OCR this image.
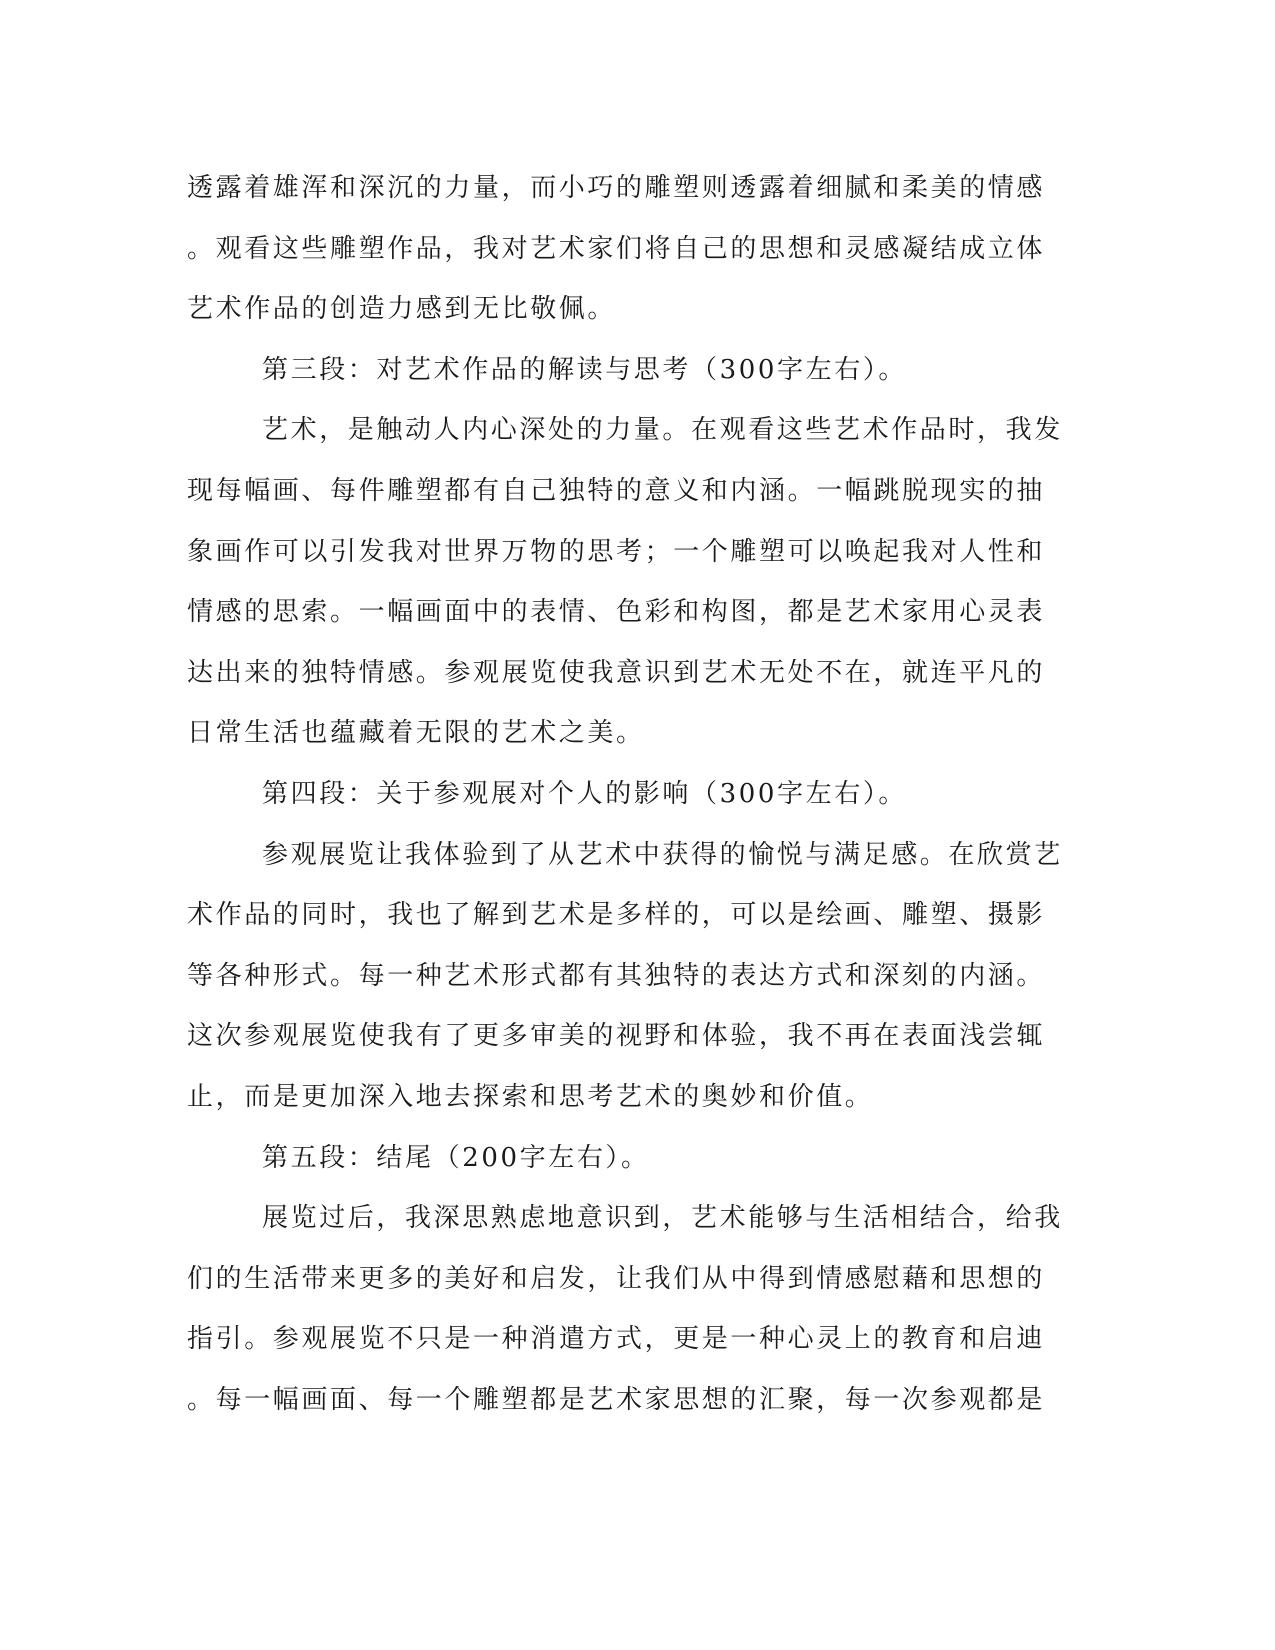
透露着雄浑和深沉的力量，而小巧的雕塑则透露着细腻和柔美的情感
。观看这些雕塑作品，我对艺术家们将自己的思想和灵感凝结成立体
艺术作品的创造力感到无比敬佩。
第三段：对艺术作品的解读与思考（300字左右）。
艺术，是触动人内心深处的力量。在观看这些艺术作品时，我发
现每幅画、每件雕塑都有自己独特的意义和内涵。一幅跳脱现实的抽
象画作可以引发我对世界万物的思考；一个雕塑可以唤起我对人性和
情感的思索。一幅画面中的表情、色彩和构图，都是艺术家用心灵表
达出来的独特情感。参观展览使我意识到艺术无处不在，就连平凡的
日常生活也蕴藏着无限的艺术之美。
第四段：关于参观展对个人的影响（300字左右）。
参观展览让我体验到了从艺术中获得的愉悦与满足感。在欣赏艺
术作品的同时，我也了解到艺术是多样的，可以是绘画、雕塑、摄影
等各种形式。每一种艺术形式都有其独特的表达方式和深刻的内涵。
这次参观展览使我有了更多审美的视野和体验，我不再在表面浅尝辄
止，而是更加深入地去探索和思考艺术的奥妙和价值。
第五段：结尾（200字左右）。
展览过后，我深思熟虑地意识到，艺术能够与生活相结合，给我
们的生活带来更多的美好和启发，让我们从中得到情感慰藉和思想的
指引。参观展览不只是一种消遣方式，更是一种心灵上的教育和启迪
。每一幅画面、每一个雕塑都是艺术家思想的汇聚，每一次参观都是
